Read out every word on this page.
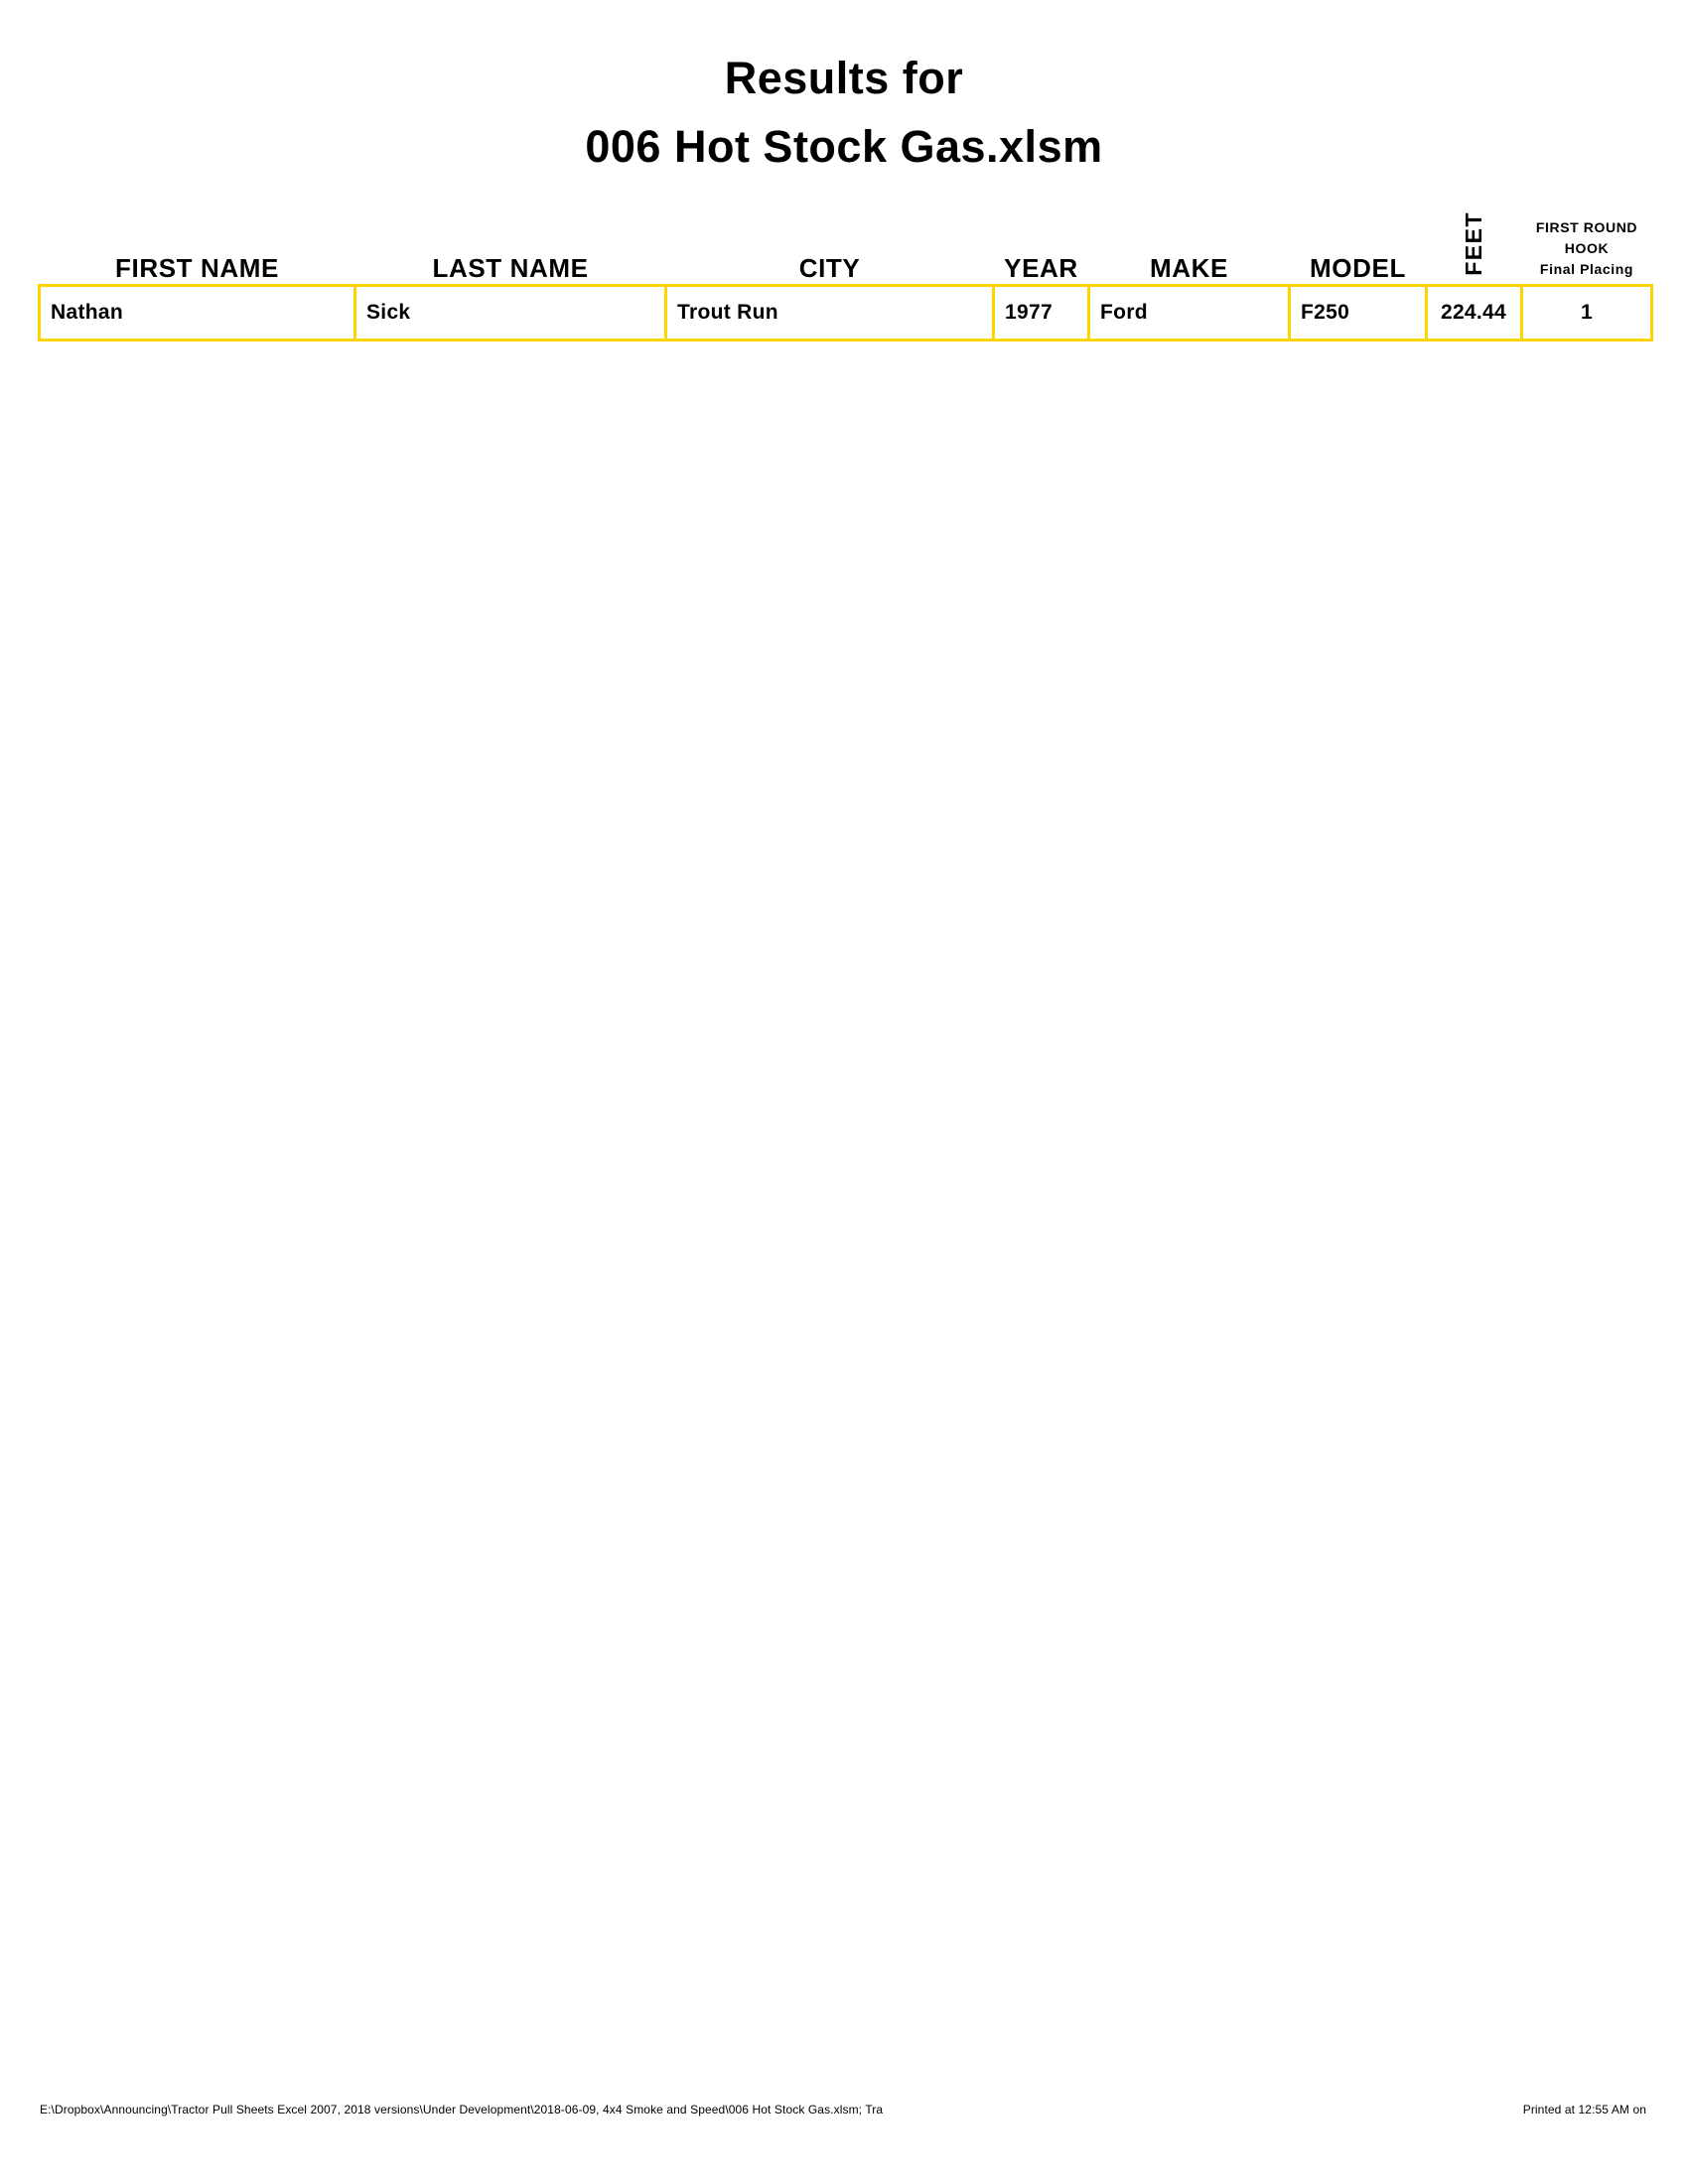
Results for
006 Hot Stock Gas.xlsm
FIRST NAME	LAST NAME	CITY	YEAR	MAKE	MODEL	FEET	FIRST ROUND
HOOK
Final Placing

Nathan	Sick	Trout Run	1977	Ford	F250	224.44	1
E:\Dropbox\Announcing\Tractor Pull Sheets Excel 2007, 2018 versions\Under Development\2018-06-09, 4x4 Smoke and Speed\006 Hot Stock Gas.xlsm; Tra	Printed at 12:55 AM on
